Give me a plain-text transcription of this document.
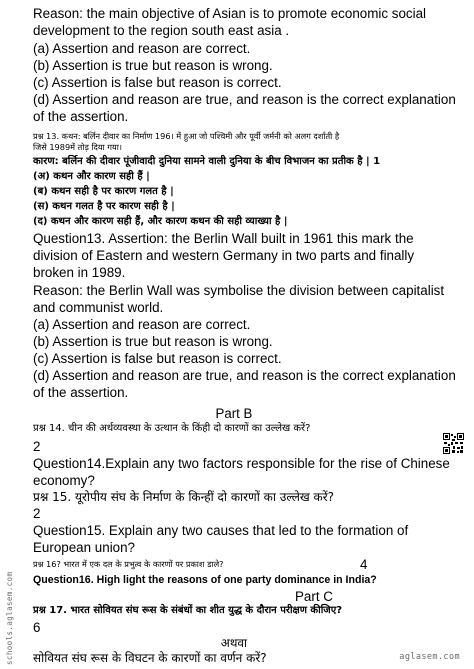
Reason: the main objective of Asian is to promote economic social
development to the region south east asia .
(a) Assertion and reason are correct.
(b) Assertion is true but reason is wrong.
(c) Assertion is false but reason is correct.
(d) Assertion and reason are true, and reason is the correct explanation
of the assertion.
प्रश्न 13. कथन: बर्लिन दीवार का निर्माण 196। में हुआ जो पश्चिमी और पूर्वी जर्मनी को अलग दर्शाती है
जिसे 1989में तोड़ दिया गया।
कारण: बर्लिन की दीवार पूंजीवादी दुनिया सामने वाली दुनिया के बीच विभाजन का प्रतीक है | 1
(अ) कथन और कारण सही हैं |
(ब) कथन सही है पर कारण गलत है |
(स) कथन गलत है पर कारण सही है |
(द) कथन और कारण सही हैं, और कारण कथन की सही व्याख्या है |
Question13. Assertion: the Berlin Wall built in 1961 this mark the
division of Eastern and western Germany in two parts and finally
broken in 1989.
Reason: the Berlin Wall was symbolise the division between capitalist
and communist world.
(a) Assertion and reason are correct.
(b) Assertion is true but reason is wrong.
(c) Assertion is false but reason is correct.
(d) Assertion and reason are true, and reason is the correct explanation
of the assertion.
Part B
प्रश्न 14. चीन की अर्थव्यवस्था के उत्थान के किंही दो कारणों का उल्लेख करें?
2
Question14.Explain any two factors responsible for the rise of Chinese
economy?
प्रश्न 15. यूरोपीय संघ के निर्माण के किन्हीं दो कारणों का उल्लेख करें?
2
Question15. Explain any two causes that led to the formation of
European union?
प्रश्न 16? भारत में एक दल के प्रभुत्व के कारणों पर प्रकाश डाले?	4
Question16. High light the reasons of one party dominance in India?
Part C
प्रश्न 17. भारत सोवियत संघ रूस के संबंधों का शीत युद्ध के दौरान परीक्षण कीजिए?
6
अथवा
सोवियत संघ रूस के विघटन के कारणों का वर्णन करें?
schools.aglasem.com	aglasem.com
